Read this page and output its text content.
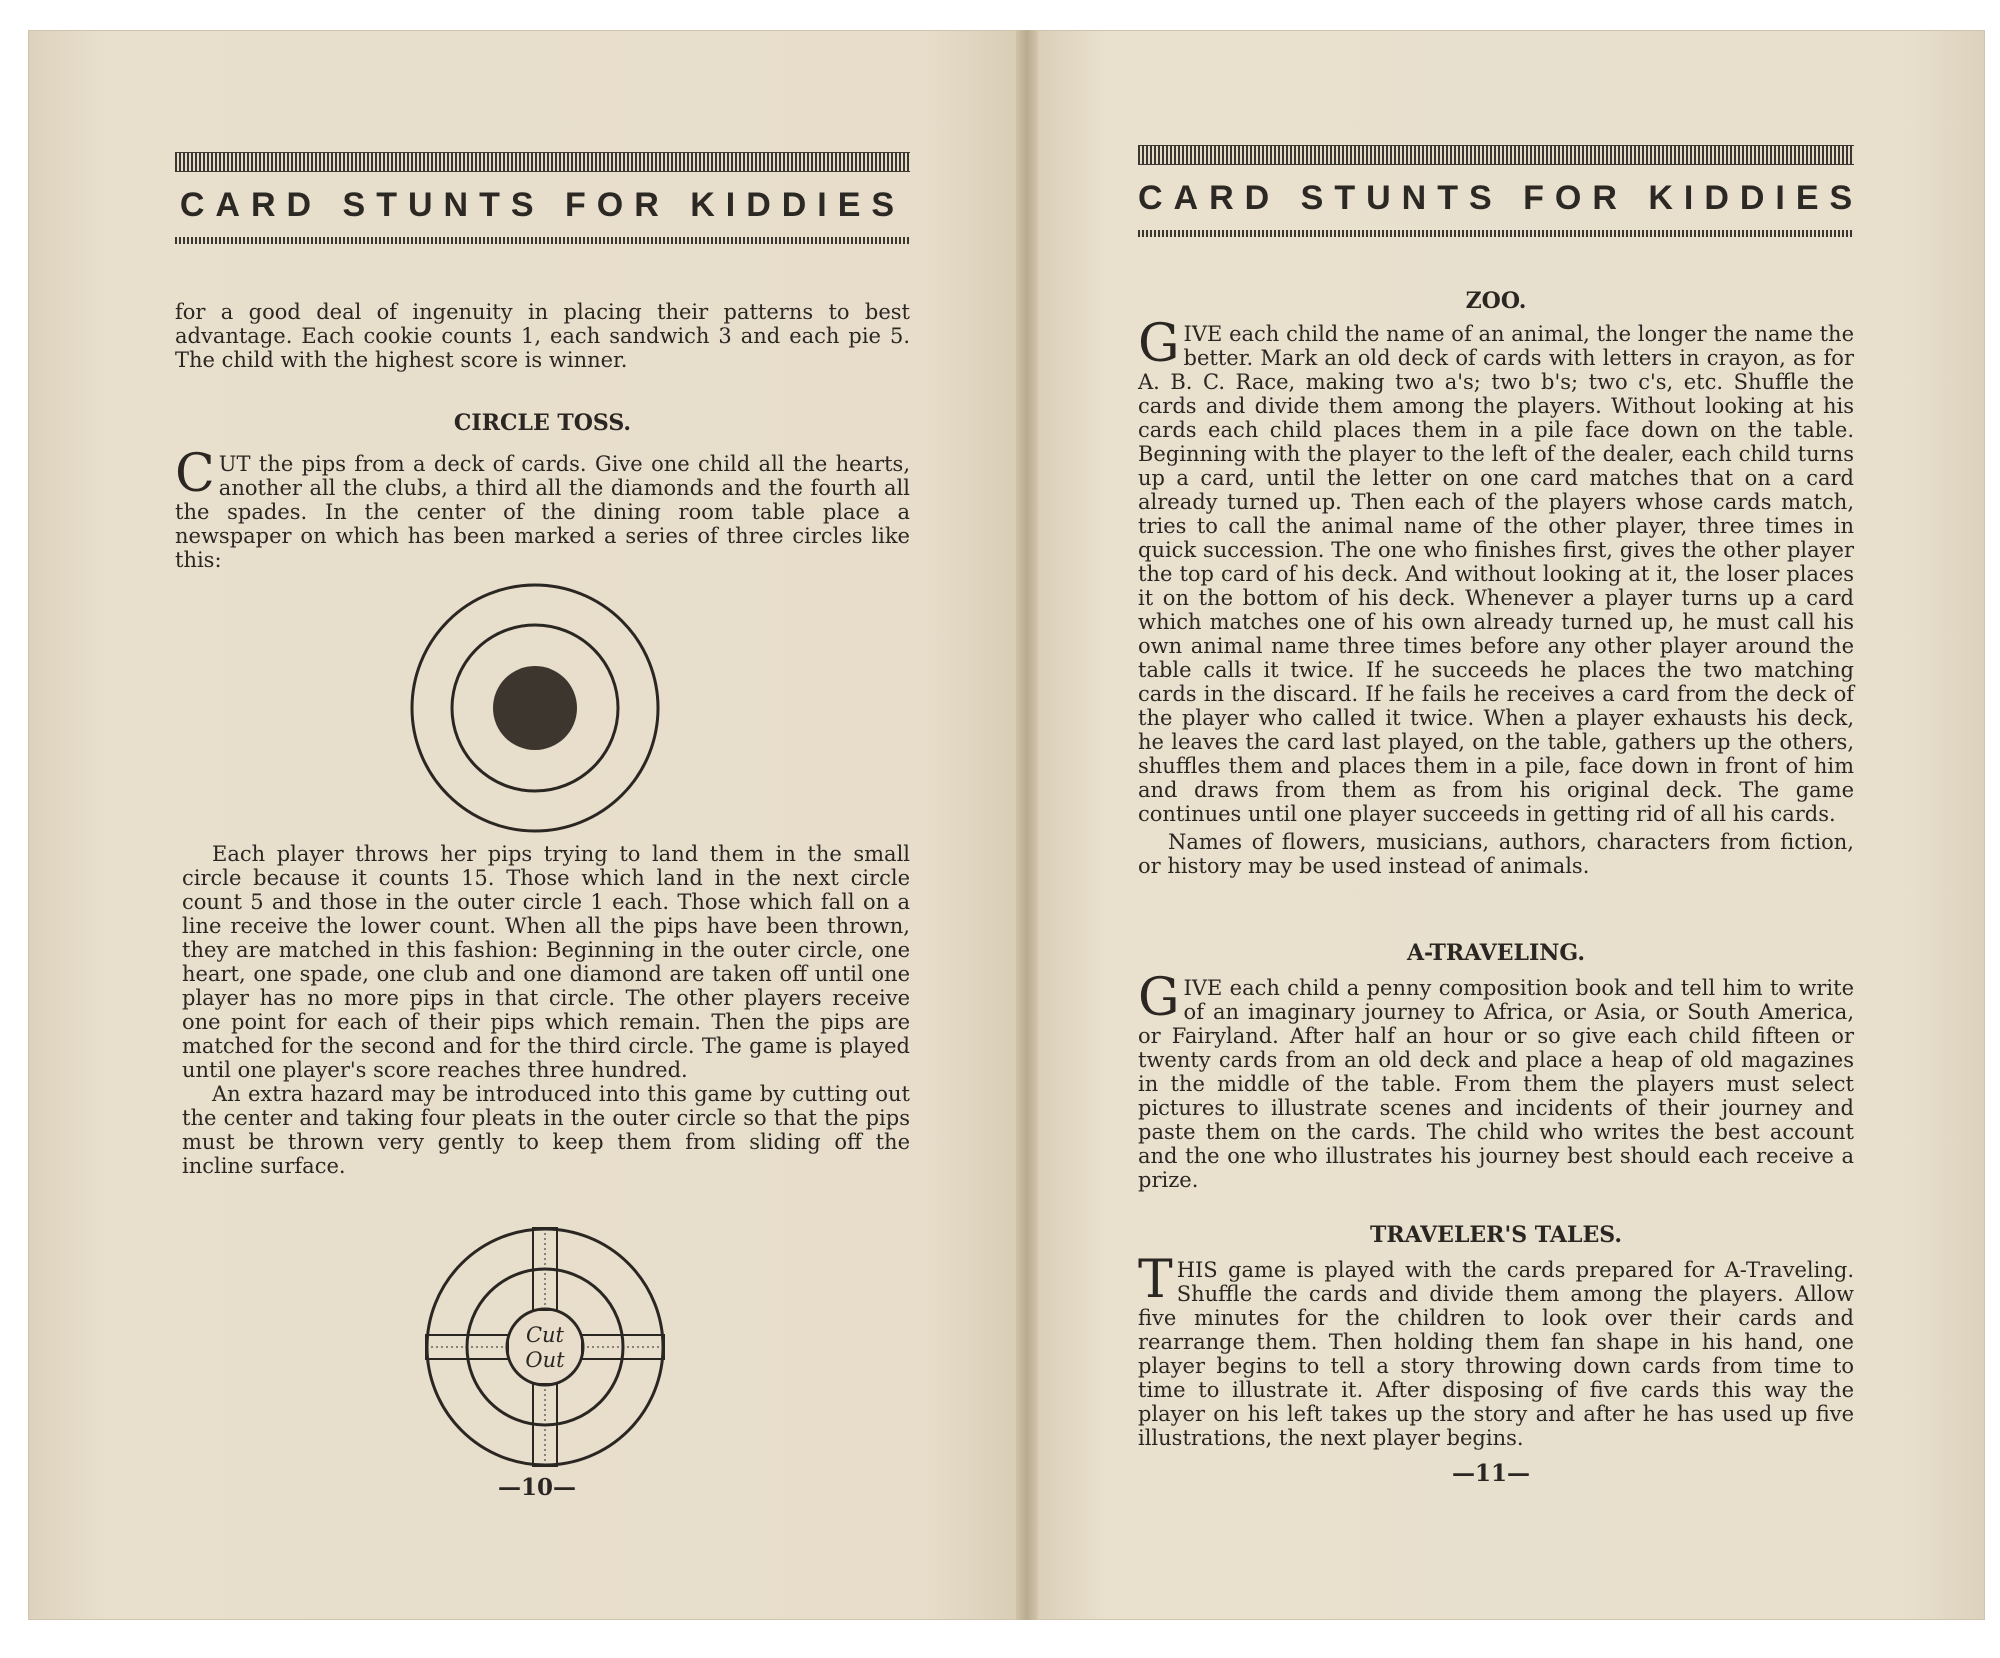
CARD STUNTS FOR KIDDIES

for a good deal of ingenuity in placing their patterns to best advantage. Each cookie counts 1, each sandwich 3 and each pie 5. The child with the highest score is winner.

CIRCLE TOSS.
C UT the pips from a deck of cards. Give one child all the hearts, another all the clubs, a third all the diamonds and the fourth all the spades. In the center of the dining room table place a newspaper on which has been marked a series of three circles like this:

Each player throws her pips trying to land them in the small circle because it counts 15. Those which land in the next circle count 5 and those in the outer circle 1 each. Those which fall on a line receive the lower count. When all the pips have been thrown, they are matched in this fashion: Beginning in the outer circle, one heart, one spade, one club and one diamond are taken off until one player has no more pips in that circle. The other players receive one point for each of their pips which remain. Then the pips are matched for the second and for the third circle. The game is played until one player's score reaches three hundred.

An extra hazard may be introduced into this game by cutting out the center and taking four pleats in the outer circle so that the pips must be thrown very gently to keep them from sliding off the incline surface.

Cut
Out
—10—
CARD STUNTS FOR KIDDIES
ZOO.
G IVE each child the name of an animal, the longer the name the better. Mark an old deck of cards with letters in crayon, as for A. B. C. Race, making two a's; two b's; two c's, etc. Shuffle the cards and divide them among the players. Without looking at his cards each child places them in a pile face down on the table. Beginning with the player to the left of the dealer, each child turns up a card, until the letter on one card matches that on a card already turned up. Then each of the players whose cards match, tries to call the animal name of the other player, three times in quick succession. The one who finishes first, gives the other player the top card of his deck. And without looking at it, the loser places it on the bottom of his deck. Whenever a player turns up a card which matches one of his own already turned up, he must call his own animal name three times before any other player around the table calls it twice. If he succeeds he places the two matching cards in the discard. If he fails he receives a card from the deck of the player who called it twice. When a player exhausts his deck, he leaves the card last played, on the table, gathers up the others, shuffles them and places them in a pile, face down in front of him and draws from them as from his original deck. The game continues until one player succeeds in getting rid of all his cards.

Names of flowers, musicians, authors, characters from fiction, or history may be used instead of animals.

A-TRAVELING.
G IVE each child a penny composition book and tell him to write of an imaginary journey to Africa, or Asia, or South America, or Fairyland. After half an hour or so give each child fifteen or twenty cards from an old deck and place a heap of old magazines in the middle of the table. From them the players must select pictures to illustrate scenes and incidents of their journey and paste them on the cards. The child who writes the best account and the one who illustrates his journey best should each receive a prize.

TRAVELER'S TALES.
T HIS game is played with the cards prepared for A-Traveling. Shuffle the cards and divide them among the players. Allow five minutes for the children to look over their cards and rearrange them. Then holding them fan shape in his hand, one player begins to tell a story throwing down cards from time to time to illustrate it. After disposing of five cards this way the player on his left takes up the story and after he has used up five illustrations, the next player begins.

—11—
